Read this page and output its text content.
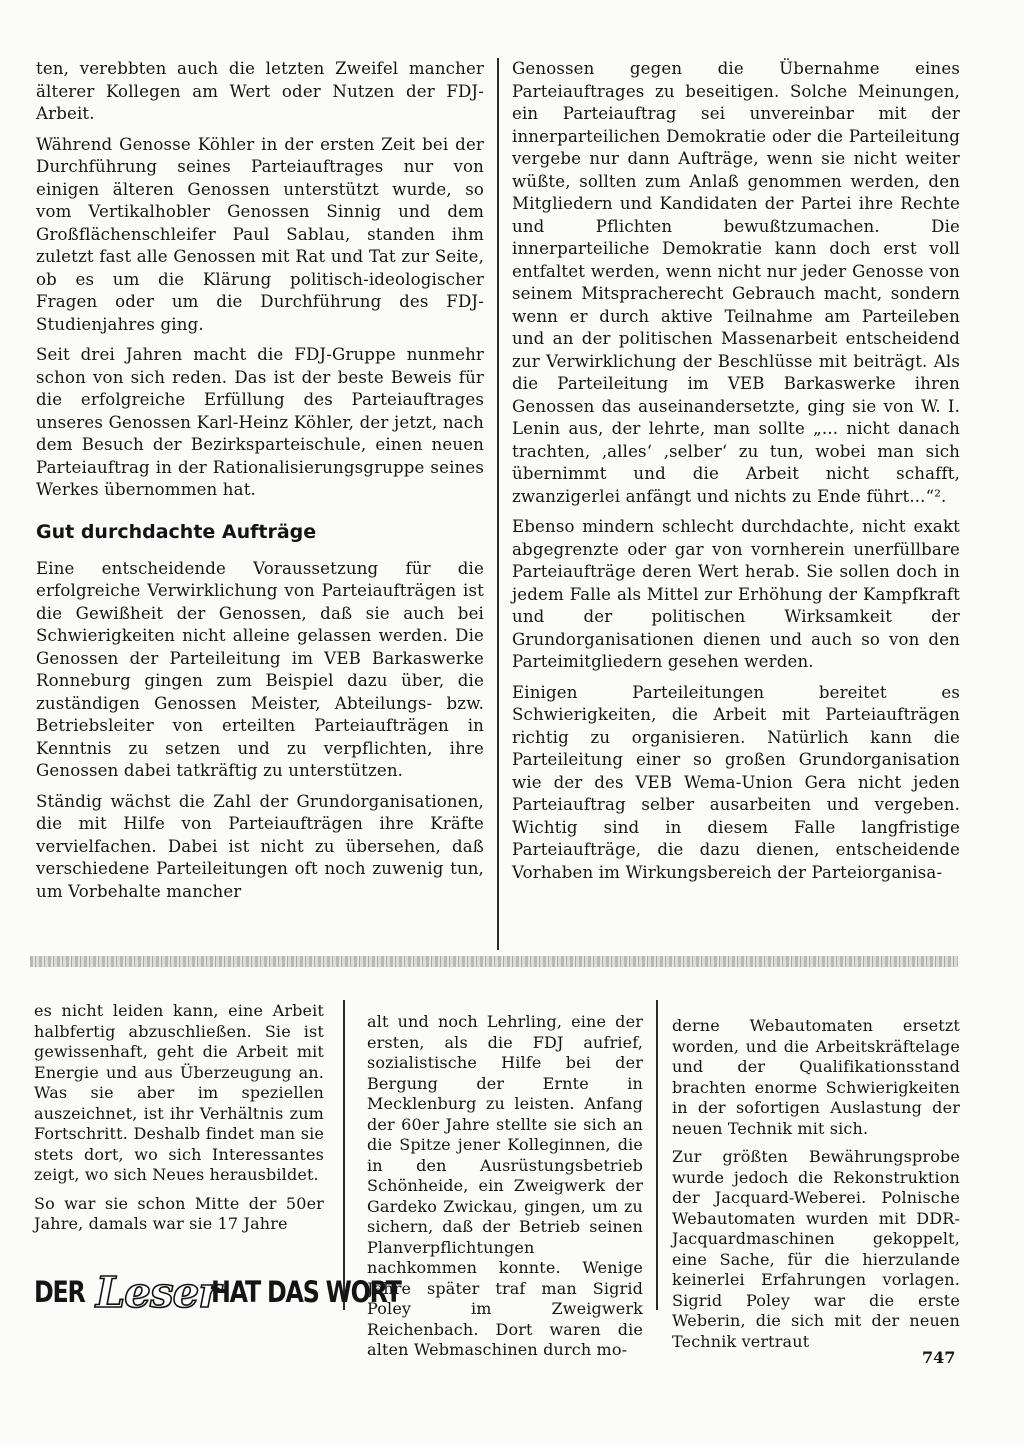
ten, verebbten auch die letzten Zweifel mancher älterer Kollegen am Wert oder Nutzen der FDJ-Arbeit.

Während Genosse Köhler in der ersten Zeit bei der Durchführung seines Parteiauftrages nur von einigen älteren Genossen unterstützt wurde, so vom Vertikalhobler Genossen Sinnig und dem Großflächenschleifer Paul Sablau, standen ihm zuletzt fast alle Genossen mit Rat und Tat zur Seite, ob es um die Klärung politisch-ideologischer Fragen oder um die Durchführung des FDJ-Studienjahres ging.

Seit drei Jahren macht die FDJ-Gruppe nunmehr schon von sich reden. Das ist der beste Beweis für die erfolgreiche Erfüllung des Parteiauftrages unseres Genossen Karl-Heinz Köhler, der jetzt, nach dem Besuch der Bezirksparteischule, einen neuen Parteiauftrag in der Rationalisierungsgruppe seines Werkes übernommen hat.

Gut durchdachte Aufträge

Eine entscheidende Voraussetzung für die erfolgreiche Verwirklichung von Parteiaufträgen ist die Gewißheit der Genossen, daß sie auch bei Schwierigkeiten nicht alleine gelassen werden. Die Genossen der Parteileitung im VEB Barkaswerke Ronneburg gingen zum Beispiel dazu über, die zuständigen Genossen Meister, Abteilungs- bzw. Betriebsleiter von erteilten Parteiaufträgen in Kenntnis zu setzen und zu verpflichten, ihre Genossen dabei tatkräftig zu unterstützen.

Ständig wächst die Zahl der Grundorganisationen, die mit Hilfe von Parteiaufträgen ihre Kräfte vervielfachen. Dabei ist nicht zu übersehen, daß verschiedene Parteileitungen oft noch zuwenig tun, um Vorbehalte mancher

Genossen gegen die Übernahme eines Parteiauftrages zu beseitigen. Solche Meinungen, ein Parteiauftrag sei unvereinbar mit der innerparteilichen Demokratie oder die Parteileitung vergebe nur dann Aufträge, wenn sie nicht weiter wüßte, sollten zum Anlaß genommen werden, den Mitgliedern und Kandidaten der Partei ihre Rechte und Pflichten bewußtzumachen. Die innerparteiliche Demokratie kann doch erst voll entfaltet werden, wenn nicht nur jeder Genosse von seinem Mitspracherecht Gebrauch macht, sondern wenn er durch aktive Teilnahme am Parteileben und an der politischen Massenarbeit entscheidend zur Verwirklichung der Beschlüsse mit beiträgt. Als die Parteileitung im VEB Barkaswerke ihren Genossen das auseinandersetzte, ging sie von W. I. Lenin aus, der lehrte, man sollte „... nicht danach trachten, ‚alles‘ ‚selber‘ zu tun, wobei man sich übernimmt und die Arbeit nicht schafft, zwanzigerlei anfängt und nichts zu Ende führt...“².

Ebenso mindern schlecht durchdachte, nicht exakt abgegrenzte oder gar von vornherein unerfüllbare Parteiaufträge deren Wert herab. Sie sollen doch in jedem Falle als Mittel zur Erhöhung der Kampfkraft und der politischen Wirksamkeit der Grundorganisationen dienen und auch so von den Parteimitgliedern gesehen werden.

Einigen Parteileitungen bereitet es Schwierigkeiten, die Arbeit mit Parteiaufträgen richtig zu organisieren. Natürlich kann die Parteileitung einer so großen Grundorganisation wie der des VEB Wema-Union Gera nicht jeden Parteiauftrag selber ausarbeiten und vergeben. Wichtig sind in diesem Falle langfristige Parteiaufträge, die dazu dienen, entscheidende Vorhaben im Wirkungsbereich der Parteiorganisa-

es nicht leiden kann, eine Arbeit halbfertig abzuschließen. Sie ist gewissenhaft, geht die Arbeit mit Energie und aus Überzeugung an. Was sie aber im speziellen auszeichnet, ist ihr Verhältnis zum Fortschritt. Deshalb findet man sie stets dort, wo sich Interessantes zeigt, wo sich Neues herausbildet.

So war sie schon Mitte der 50er Jahre, damals war sie 17 Jahre

alt und noch Lehrling, eine der ersten, als die FDJ aufrief, sozialistische Hilfe bei der Bergung der Ernte in Mecklenburg zu leisten. Anfang der 60er Jahre stellte sie sich an die Spitze jener Kolleginnen, die in den Ausrüstungsbetrieb Schönheide, ein Zweigwerk der Gardeko Zwickau, gingen, um zu sichern, daß der Betrieb seinen Planverpflichtungen nachkommen konnte. Wenige Jahre später traf man Sigrid Poley im Zweigwerk Reichenbach. Dort waren die alten Webmaschinen durch mo-

derne Webautomaten ersetzt worden, und die Arbeitskräftelage und der Qualifikationsstand brachten enorme Schwierigkeiten in der sofortigen Auslastung der neuen Technik mit sich.

Zur größten Bewährungsprobe wurde jedoch die Rekonstruktion der Jacquard-Weberei. Polnische Webautomaten wurden mit DDR-Jacquardmaschinen gekoppelt, eine Sache, für die hierzulande keinerlei Erfahrungen vorlagen. Sigrid Poley war die erste Weberin, die sich mit der neuen Technik vertraut

DER Leser
HAT DAS WORT
747
